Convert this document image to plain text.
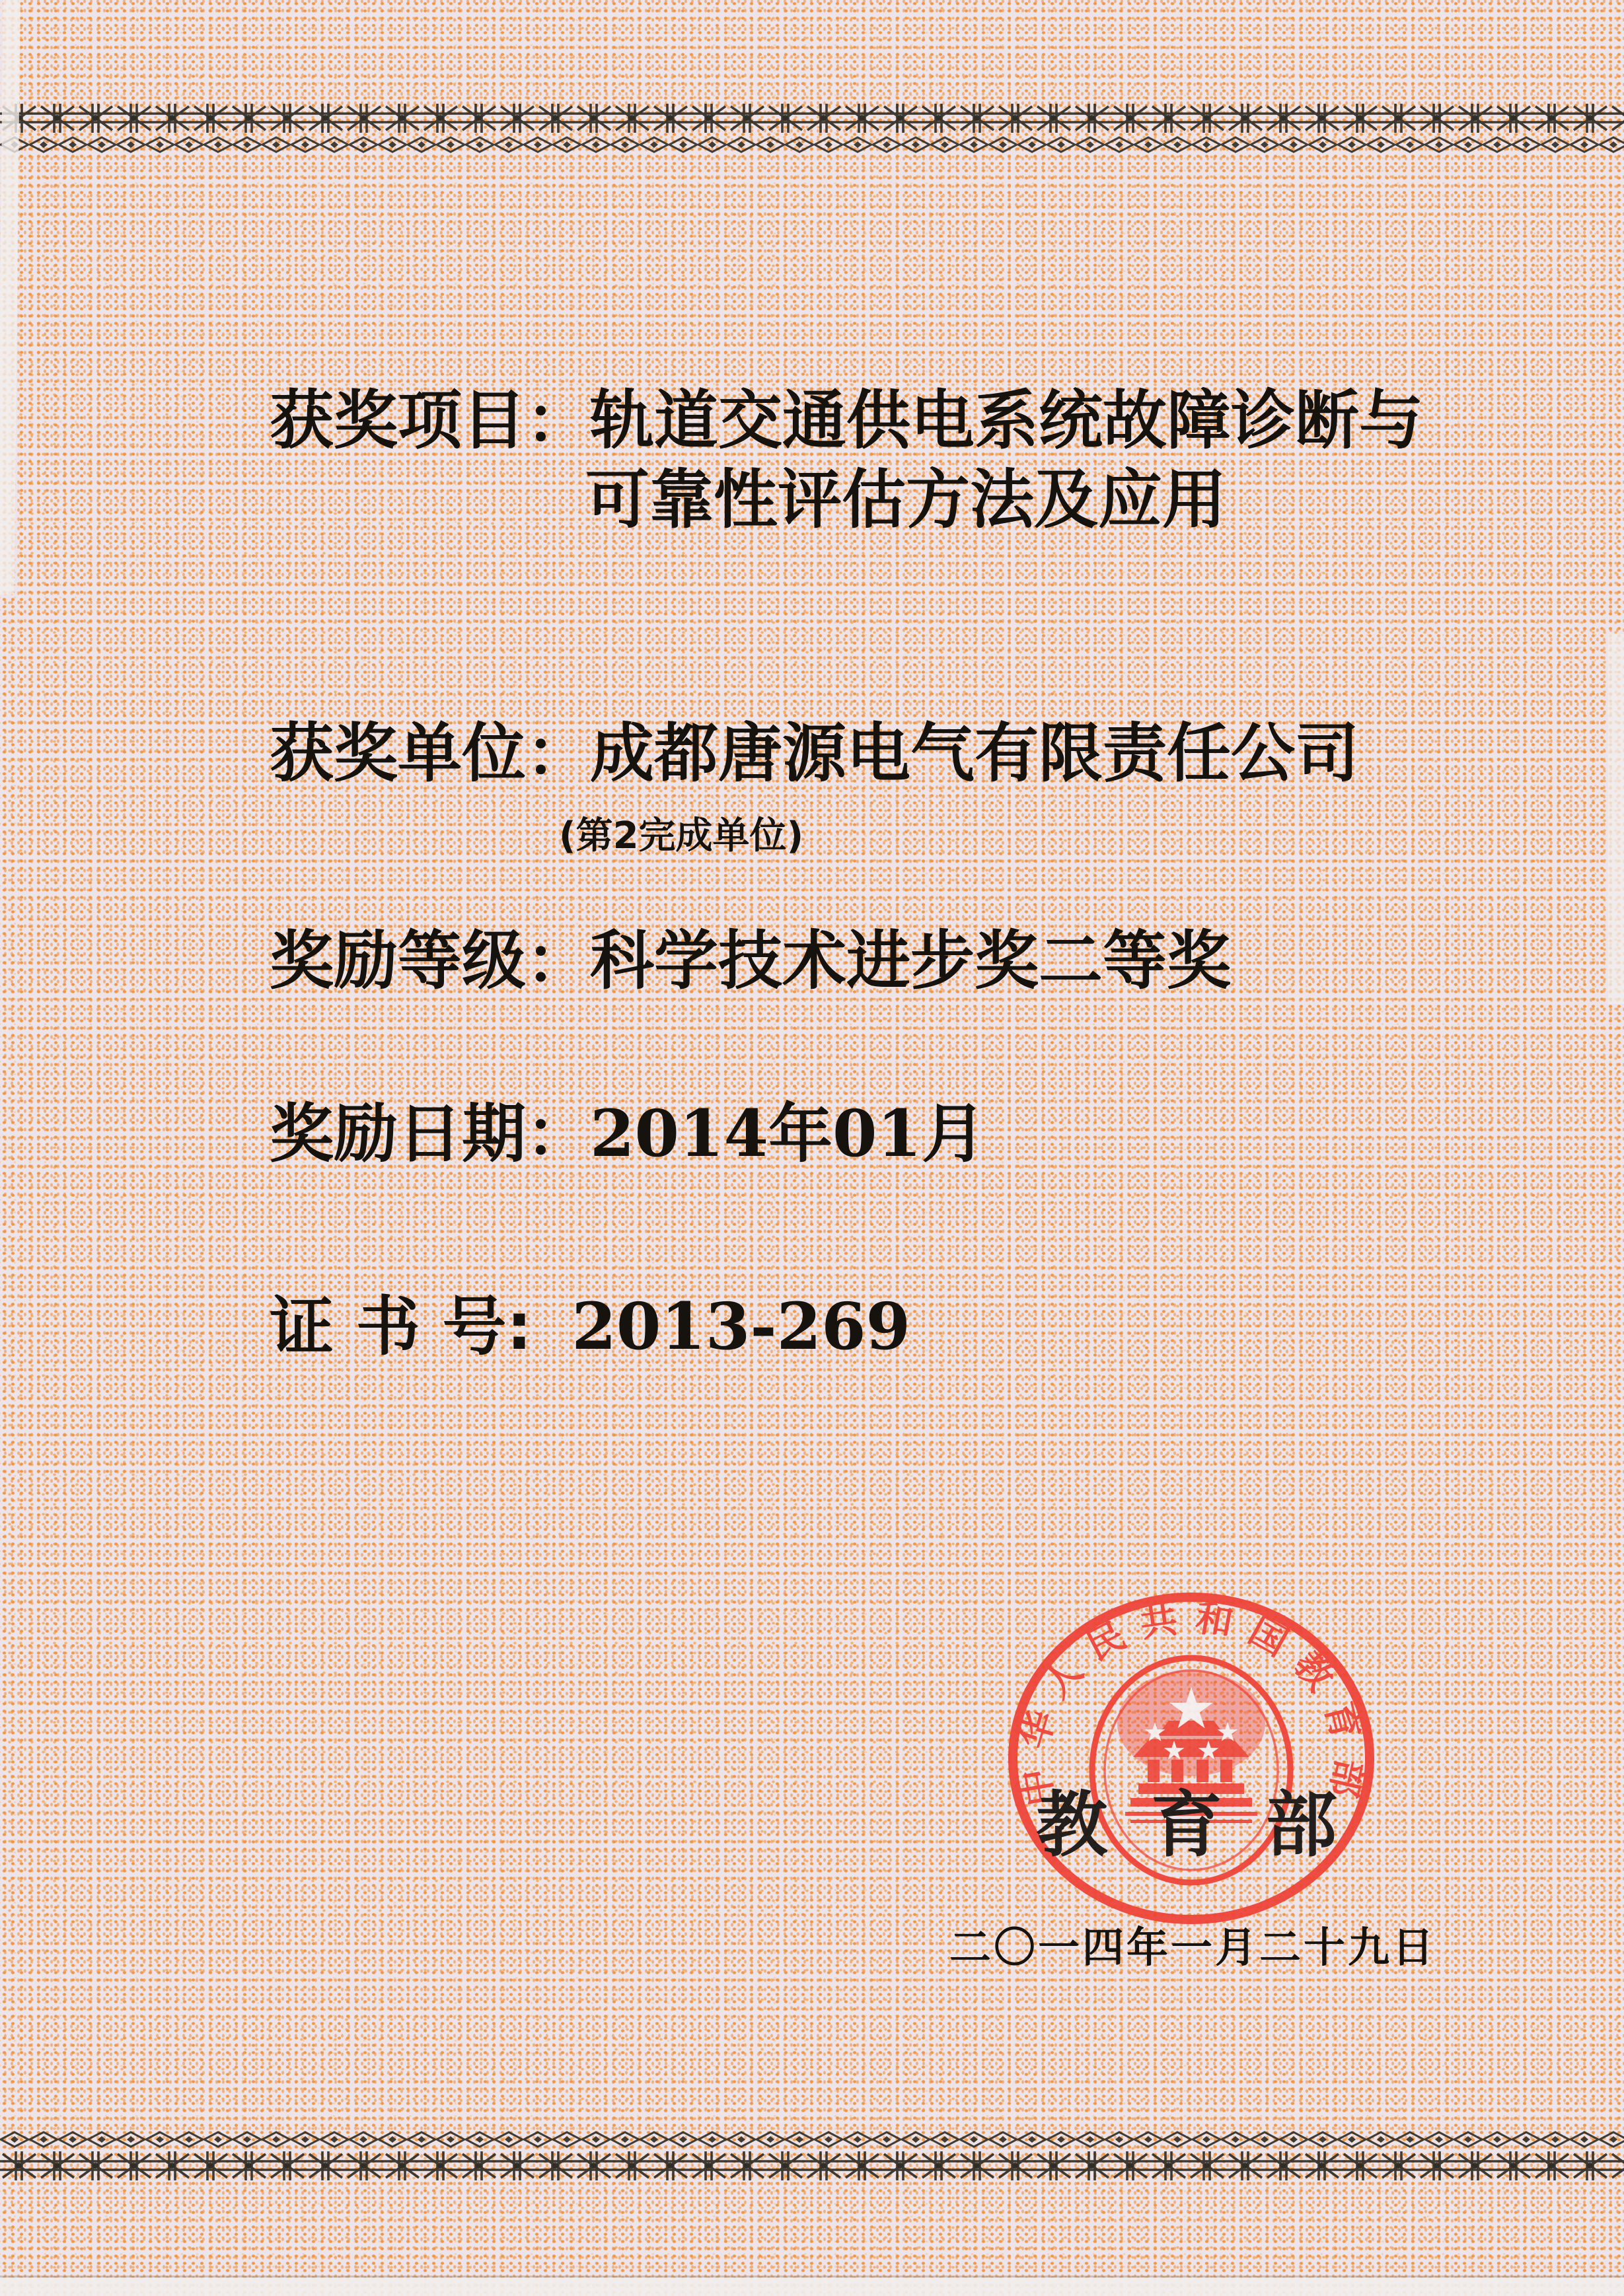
获奖项目：轨道交通供电系统故障诊断与
可靠性评估方法及应用
获奖单位：成都唐源电气有限责任公司
(第2完成单位)
奖励等级：科学技术进步奖二等奖
奖励日期：2014年01月
证 书 号: 2013-269
中华人民共和国教育部
★
★
★ ★
★
教 育 部
二〇一四年一月二十九日
